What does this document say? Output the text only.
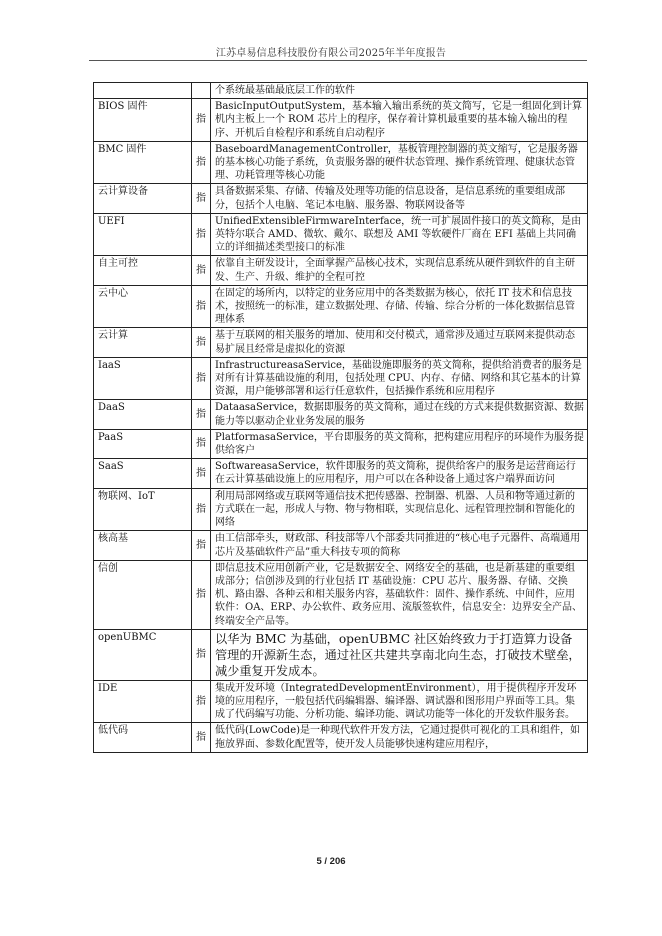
江苏卓易信息科技股份有限公司2025年半年度报告
		个系统最基础最底层工作的软件
BIOS 固件	指	BasicInputOutputSystem，基本输入输出系统的英文简写，它是一组固化到计算机内主板上一个 ROM 芯片上的程序，保存着计算机最重要的基本输入输出的程序、开机后自检程序和系统自启动程序
BMC 固件	指	BaseboardManagementController，基板管理控制器的英文缩写，它是服务器的基本核心功能子系统，负责服务器的硬件状态管理、操作系统管理、健康状态管理、功耗管理等核心功能
云计算设备	指	具备数据采集、存储、传输及处理等功能的信息设备，是信息系统的重要组成部分，包括个人电脑、笔记本电脑、服务器、物联网设备等
UEFI	指	UnifiedExtensibleFirmwareInterface，统一可扩展固件接口的英文简称，是由英特尔联合 AMD、微软、戴尔、联想及 AMI 等软硬件厂商在 EFI 基础上共同确立的详细描述类型接口的标准
自主可控	指	依靠自主研发设计，全面掌握产品核心技术，实现信息系统从硬件到软件的自主研发、生产、升级、维护的全程可控
云中心	指	在固定的场所内，以特定的业务应用中的各类数据为核心，依托 IT 技术和信息技术，按照统一的标准，建立数据处理、存储、传输、综合分析的一体化数据信息管理体系
云计算	指	基于互联网的相关服务的增加、使用和交付模式，通常涉及通过互联网来提供动态易扩展且经常是虚拟化的资源
IaaS	指	InfrastructureasaService，基础设施即服务的英文简称，提供给消费者的服务是对所有计算基础设施的利用，包括处理 CPU、内存、存储、网络和其它基本的计算资源，用户能够部署和运行任意软件，包括操作系统和应用程序
DaaS	指	DataasaService，数据即服务的英文简称，通过在线的方式来提供数据资源、数据能力等以驱动企业业务发展的服务
PaaS	指	PlatformasaService，平台即服务的英文简称，把构建应用程序的环境作为服务提供给客户
SaaS	指	SoftwareasaService，软件即服务的英文简称，提供给客户的服务是运营商运行在云计算基础设施上的应用程序，用户可以在各种设备上通过客户端界面访问
物联网、IoT	指	利用局部网络或互联网等通信技术把传感器、控制器、机器、人员和物等通过新的方式联在一起，形成人与物、物与物相联，实现信息化、远程管理控制和智能化的网络
核高基	指	由工信部牵头，财政部、科技部等八个部委共同推进的“核心电子元器件、高端通用芯片及基础软件产品”重大科技专项的简称
信创	指	即信息技术应用创新产业，它是数据安全、网络安全的基础，也是新基建的重要组成部分；信创涉及到的行业包括 IT 基础设施：CPU 芯片、服务器、存储、交换机、路由器、各种云和相关服务内容，基础软件：固件、操作系统、中间件，应用软件：OA、ERP、办公软件、政务应用、流版签软件，信息安全：边界安全产品、终端安全产品等。
openUBMC	指	以华为 BMC 为基础，openUBMC 社区始终致力于打造算力设备管理的开源新生态，通过社区共建共享南北向生态，打破技术壁垒，减少重复开发成本。
IDE	指	集成开发环境（IntegratedDevelopmentEnvironment），用于提供程序开发环境的应用程序，一般包括代码编辑器、编译器、调试器和图形用户界面等工具。集成了代码编写功能、分析功能、编译功能、调试功能等一体化的开发软件服务套。
低代码	指	低代码(LowCode)是一种现代软件开发方法，它通过提供可视化的工具和组件，如拖放界面、参数化配置等，使开发人员能够快速构建应用程序，
5 / 206
